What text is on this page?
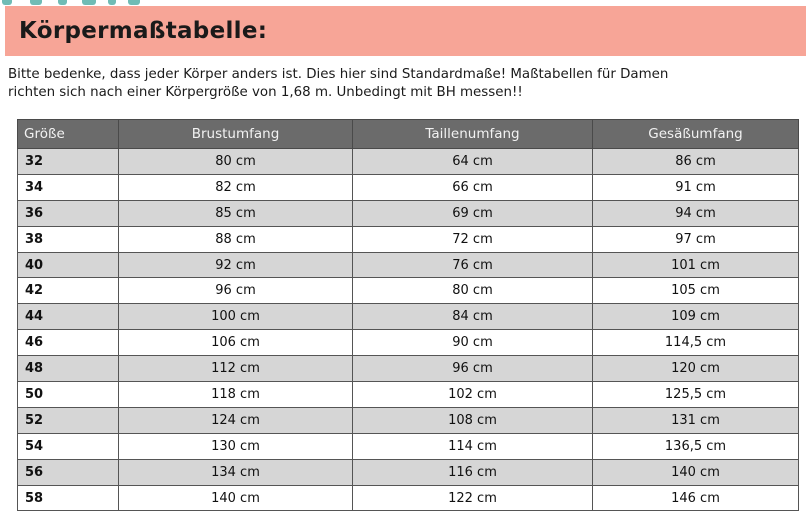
Körpermaßtabelle:

Bitte bedenke, dass jeder Körper anders ist. Dies hier sind Standardmaße! Maßtabellen für Damen

richten sich nach einer Körpergröße von 1,68 m. Unbedingt mit BH messen!!

Größe	Brustumfang	Taillenumfang	Gesäßumfang
32	80 cm	64 cm	86 cm
34	82 cm	66 cm	91 cm
36	85 cm	69 cm	94 cm
38	88 cm	72 cm	97 cm
40	92 cm	76 cm	101 cm
42	96 cm	80 cm	105 cm
44	100 cm	84 cm	109 cm
46	106 cm	90 cm	114,5 cm
48	112 cm	96 cm	120 cm
50	118 cm	102 cm	125,5 cm
52	124 cm	108 cm	131 cm
54	130 cm	114 cm	136,5 cm
56	134 cm	116 cm	140 cm
58	140 cm	122 cm	146 cm
